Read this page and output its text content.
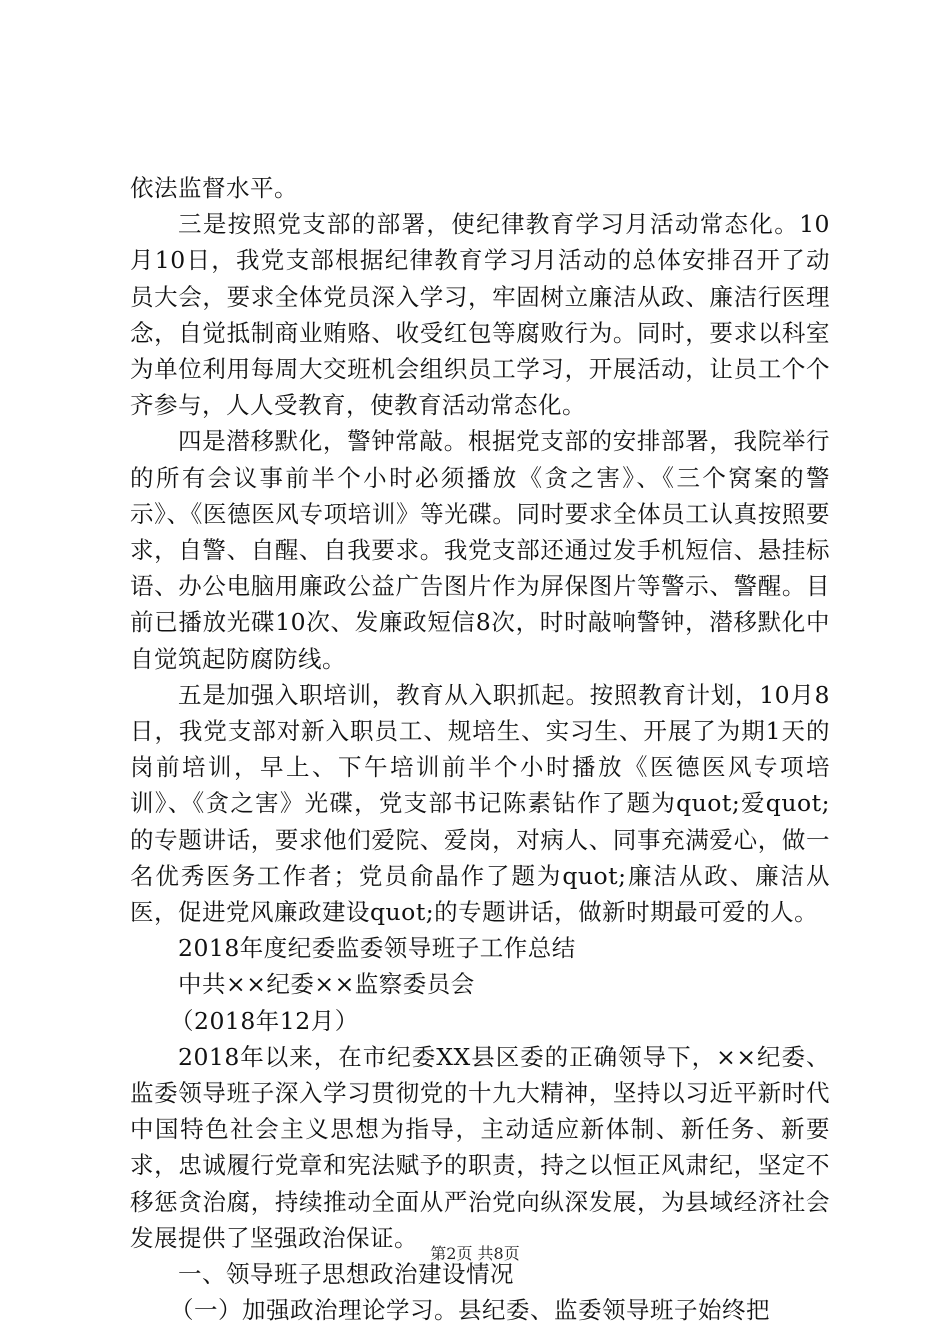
依法监督水平。

三是按照党支部的部署，使纪律教育学习月活动常态化。10月10日，我党支部根据纪律教育学习月活动的总体安排召开了动员大会，要求全体党员深入学习，牢固树立廉洁从政、廉洁行医理念，自觉抵制商业贿赂、收受红包等腐败行为。同时，要求以科室为单位利用每周大交班机会组织员工学习，开展活动，让员工个个齐参与，人人受教育，使教育活动常态化。

四是潜移默化，警钟常敲。根据党支部的安排部署，我院举行的所有会议事前半个小时必须播放《贪之害》、《三个窝案的警示》、《医德医风专项培训》等光碟。同时要求全体员工认真按照要求，自警、自醒、自我要求。我党支部还通过发手机短信、悬挂标语、办公电脑用廉政公益广告图片作为屏保图片等警示、警醒。目前已播放光碟10次、发廉政短信8次，时时敲响警钟，潜移默化中自觉筑起防腐防线。

五是加强入职培训，教育从入职抓起。按照教育计划，10月8日，我党支部对新入职员工、规培生、实习生、开展了为期1天的岗前培训，早上、下午培训前半个小时播放《医德医风专项培训》、《贪之害》光碟，党支部书记陈素钻作了题为quot;爱quot;的专题讲话，要求他们爱院、爱岗，对病人、同事充满爱心，做一名优秀医务工作者；党员俞晶作了题为quot;廉洁从政、廉洁从医，促进党风廉政建设quot;的专题讲话，做新时期最可爱的人。

2018年度纪委监委领导班子工作总结

中共××纪委××监察委员会

（2018年12月）

2018年以来，在市纪委XX县区委的正确领导下，××纪委、监委领导班子深入学习贯彻党的十九大精神，坚持以习近平新时代中国特色社会主义思想为指导，主动适应新体制、新任务、新要求，忠诚履行党章和宪法赋予的职责，持之以恒正风肃纪，坚定不移惩贪治腐，持续推动全面从严治党向纵深发展，为县域经济社会发展提供了坚强政治保证。

一、领导班子思想政治建设情况

（一）加强政治理论学习。县纪委、监委领导班子始终把

第2页 共8页
